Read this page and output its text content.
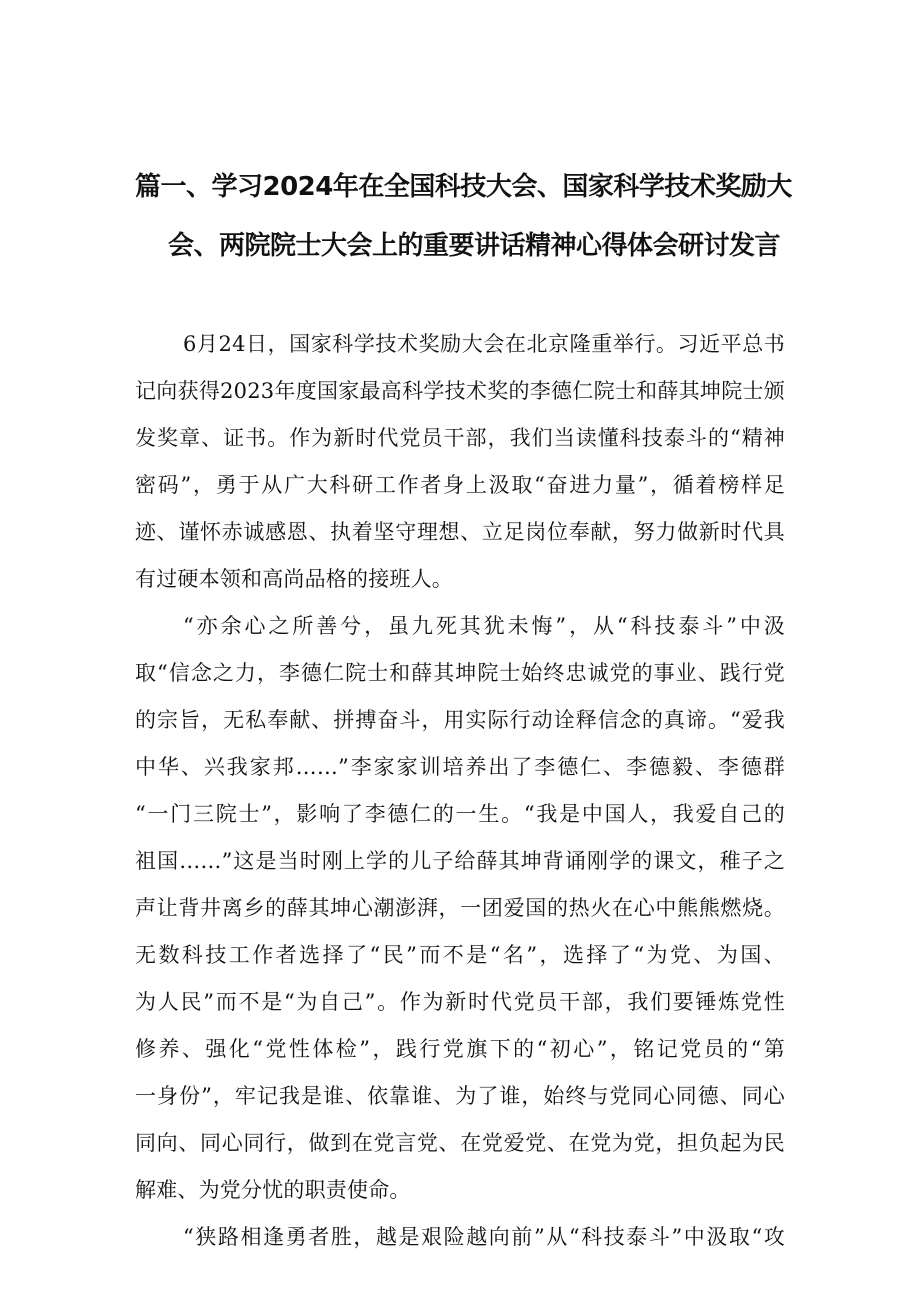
篇一、学习2024年在全国科技大会、国家科学技术奖励大
会、两院院士大会上的重要讲话精神心得体会研讨发言
6月24日，国家科学技术奖励大会在北京隆重举行。习近平总书
记向获得2023年度国家最高科学技术奖的李德仁院士和薛其坤院士颁
发奖章、证书。作为新时代党员干部，我们当读懂科技泰斗的“精神
密码”，勇于从广大科研工作者身上汲取“奋进力量”，循着榜样足
迹、谨怀赤诚感恩、执着坚守理想、立足岗位奉献，努力做新时代具
有过硬本领和高尚品格的接班人。
“亦余心之所善兮，虽九死其犹未悔”，从“科技泰斗”中汲
取“信念之力，李德仁院士和薛其坤院士始终忠诚党的事业、践行党
的宗旨，无私奉献、拼搏奋斗，用实际行动诠释信念的真谛。“爱我
中华、兴我家邦……”李家家训培养出了李德仁、李德毅、李德群
“一门三院士”，影响了李德仁的一生。“我是中国人，我爱自己的
祖国……”这是当时刚上学的儿子给薛其坤背诵刚学的课文，稚子之
声让背井离乡的薛其坤心潮澎湃，一团爱国的热火在心中熊熊燃烧。
无数科技工作者选择了“民”而不是“名”，选择了“为党、为国、
为人民”而不是“为自己”。作为新时代党员干部，我们要锤炼党性
修养、强化“党性体检”，践行党旗下的“初心”，铭记党员的“第
一身份”，牢记我是谁、依靠谁、为了谁，始终与党同心同德、同心
同向、同心同行，做到在党言党、在党爱党、在党为党，担负起为民
解难、为党分忧的职责使命。
“狭路相逢勇者胜，越是艰险越向前”从“科技泰斗”中汲取“攻
